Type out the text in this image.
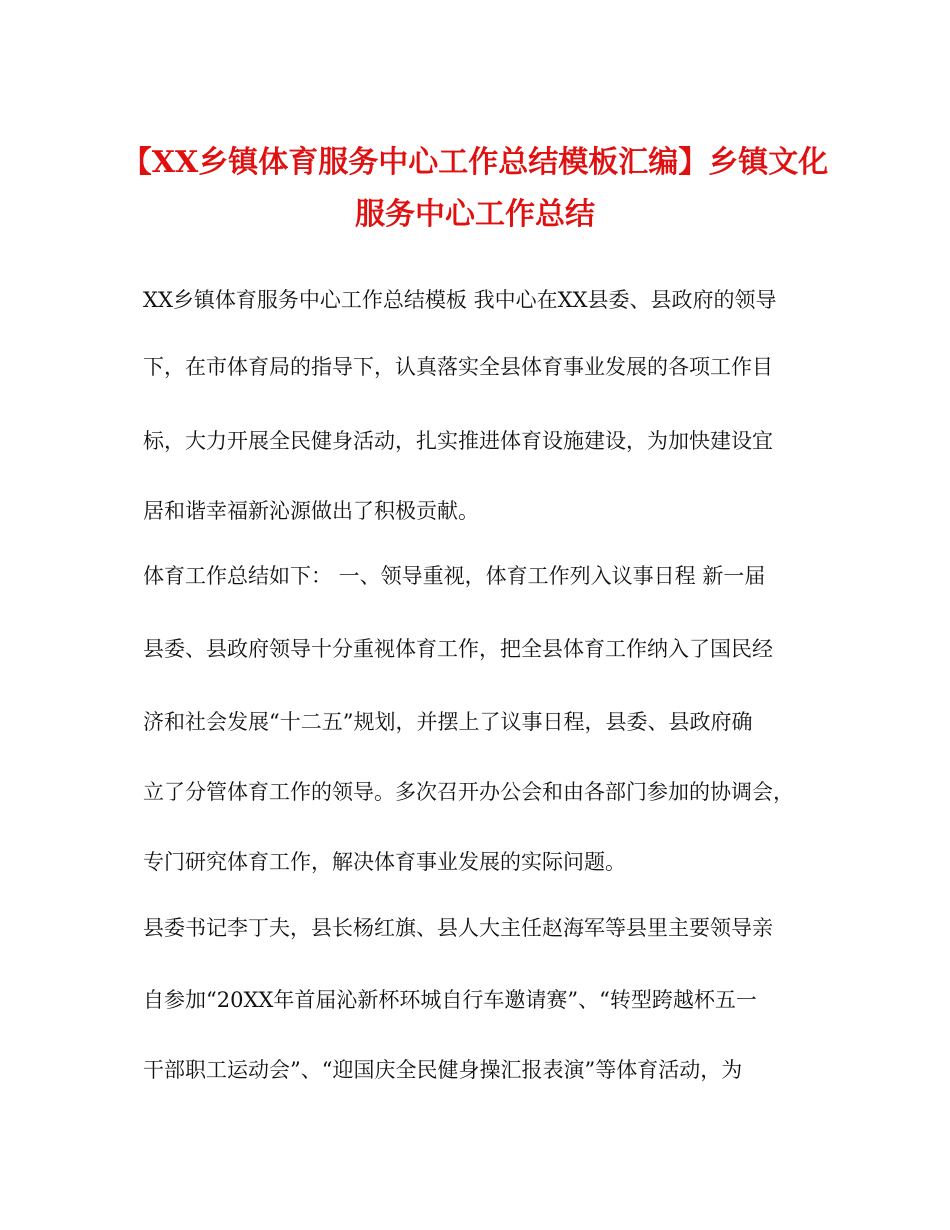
【XX乡镇体育服务中心工作总结模板汇编】乡镇文化
服务中心工作总结
XX乡镇体育服务中心工作总结模板 我中心在XX县委、县政府的领导
下，在市体育局的指导下，认真落实全县体育事业发展的各项工作目
标，大力开展全民健身活动，扎实推进体育设施建设，为加快建设宜
居和谐幸福新沁源做出了积极贡献。
体育工作总结如下： 一、领导重视，体育工作列入议事日程 新一届
县委、县政府领导十分重视体育工作，把全县体育工作纳入了国民经
济和社会发展“十二五”规划，并摆上了议事日程，县委、县政府确
立了分管体育工作的领导。多次召开办公会和由各部门参加的协调会，
专门研究体育工作，解决体育事业发展的实际问题。
县委书记李丁夫，县长杨红旗、县人大主任赵海军等县里主要领导亲
自参加“20XX年首届沁新杯环城自行车邀请赛”、“转型跨越杯五一
干部职工运动会”、“迎国庆全民健身操汇报表演”等体育活动，为
